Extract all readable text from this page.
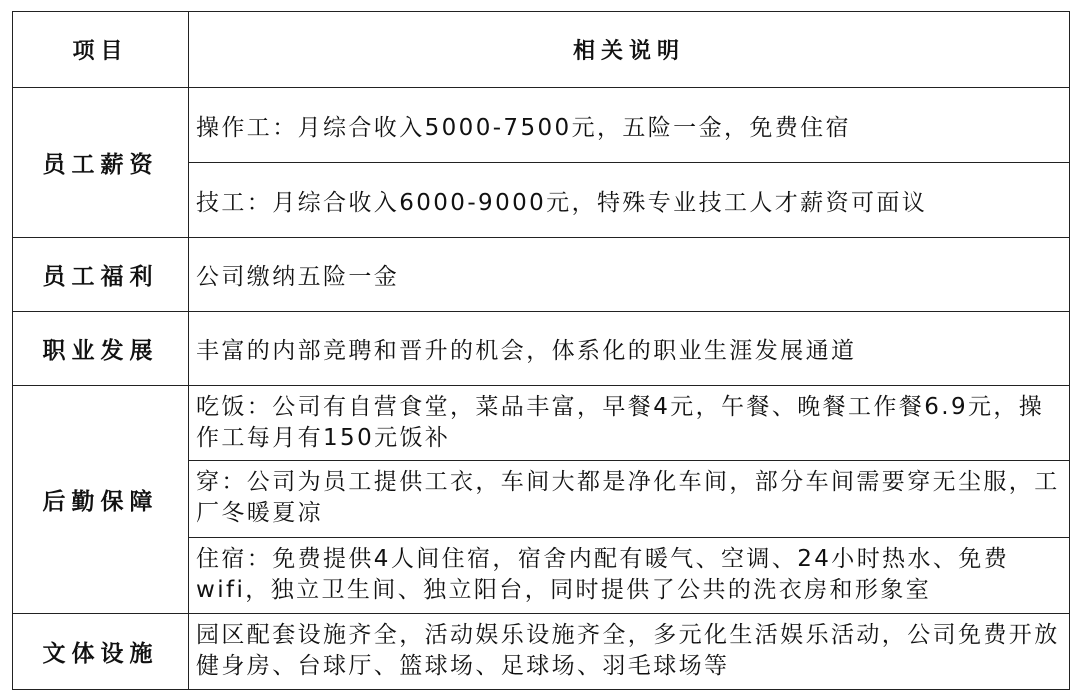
项目	相关说明
员工薪资	操作工：月综合收入5000-7500元，五险一金，免费住宿
	技工：月综合收入6000-9000元，特殊专业技工人才薪资可面议
员工福利	公司缴纳五险一金
职业发展	丰富的内部竞聘和晋升的机会，体系化的职业生涯发展通道
后勤保障	吃饭：公司有自营食堂，菜品丰富，早餐4元，午餐、晚餐工作餐6.9元，操作工每月有150元饭补
	穿：公司为员工提供工衣，车间大都是净化车间，部分车间需要穿无尘服，工厂冬暖夏凉
	住宿：免费提供4人间住宿，宿舍内配有暖气、空调、24小时热水、免费wifi，独立卫生间、独立阳台，同时提供了公共的洗衣房和形象室
文体设施	园区配套设施齐全，活动娱乐设施齐全，多元化生活娱乐活动，公司免费开放健身房、台球厅、篮球场、足球场、羽毛球场等
